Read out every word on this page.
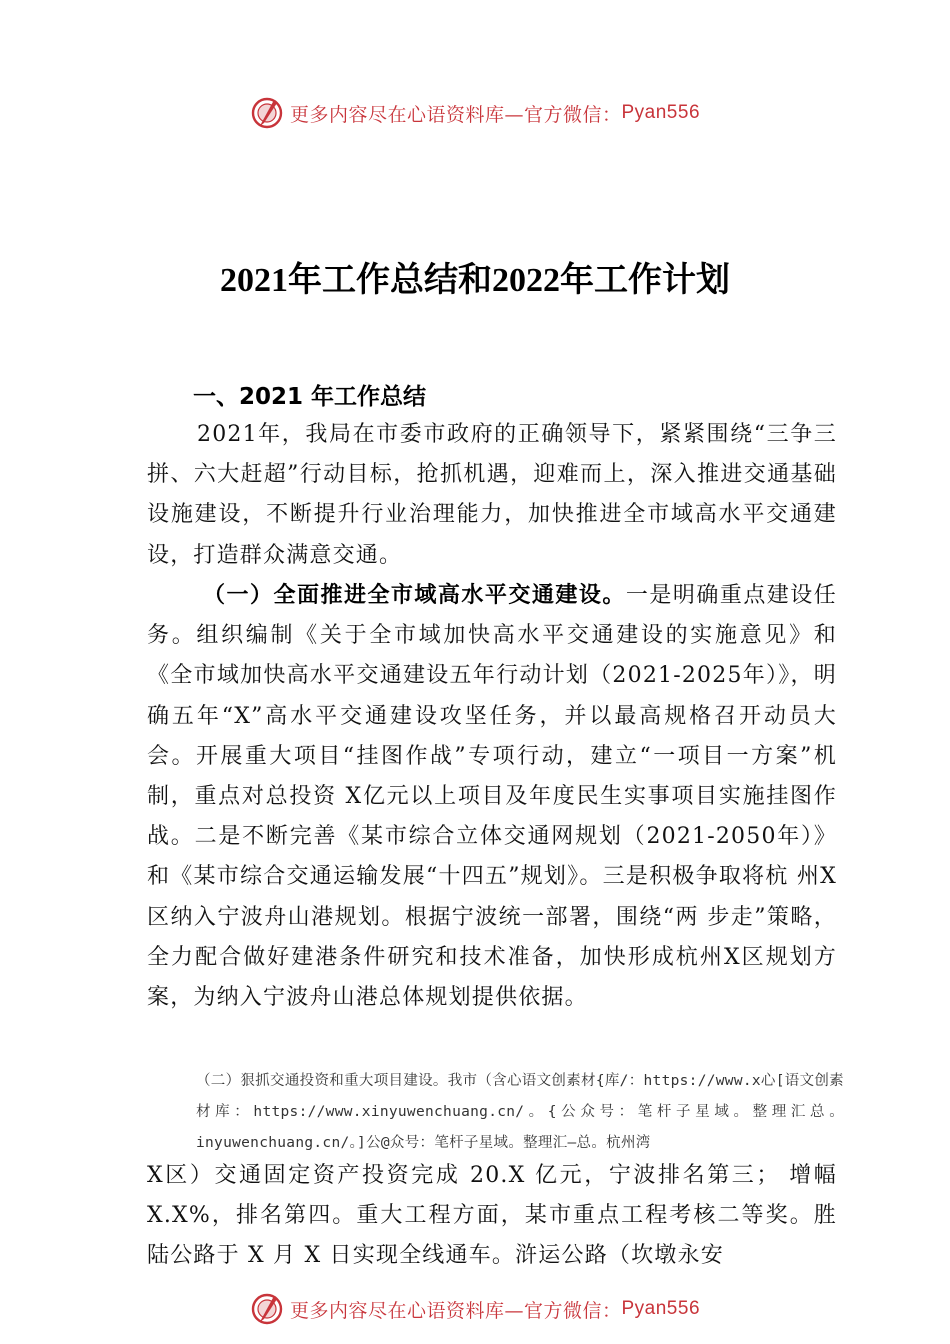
更多内容尽在心语资料库 —官方微信： Pyan556
2021年工作总结和2022年工作计划
一、2021 年工作总结
2021年，我局在市委市政府的正确领导下，紧紧围绕“三争三拼、六大赶超”行动目标，抢抓机遇，迎难而上，深入推进交通基础设施建设，不断提升行业治理能力，加快推进全市域高水平交通建设，打造群众满意交通。
（一）全面推进全市域高水平交通建设。一是明确重点建设任务。组织编制《关于全市域加快高水平交通建设的实施意见》和《全市域加快高水平交通建设五年行动计划（2021-2025年）》，明确五年“X”高水平交通建设攻坚任务，并以最高规格召开动员大会。开展重大项目“挂图作战”专项行动，建立“一项目一方案”机制，重点对总投资 X亿元以上项目及年度民生实事项目实施挂图作战。二是不断完善《某市综合立体交通网规划（2021-2050年）》和《某市综合交通运输发展“十四五”规划》。三是积极争取将杭 州X区纳入宁波舟山港规划。根据宁波统一部署，围绕“两 步走”策略，全力配合做好建港条件研究和技术准备，加快形成杭州X区规划方案，为纳入宁波舟山港总体规划提供依据。
（二）狠抓交通投资和重大项目建设。我市（含心语文创素材{库/：https://www.x心[语文创素材库：https://www.xinyuwenchuang.cn/。{公众号：笔杆子星域。整理汇总。inyuwenchuang.cn/。]公@众号：笔杆子星域。整理汇—总。杭州湾
X区）交通固定资产投资完成 20.X 亿元，宁波排名第三； 增幅 X.X%，排名第四。重大工程方面，某市重点工程考核二等奖。胜陆公路于 X 月 X 日实现全线通车。浒运公路（坎墩永安
更多内容尽在心语资料库 —官方微信： Pyan556
